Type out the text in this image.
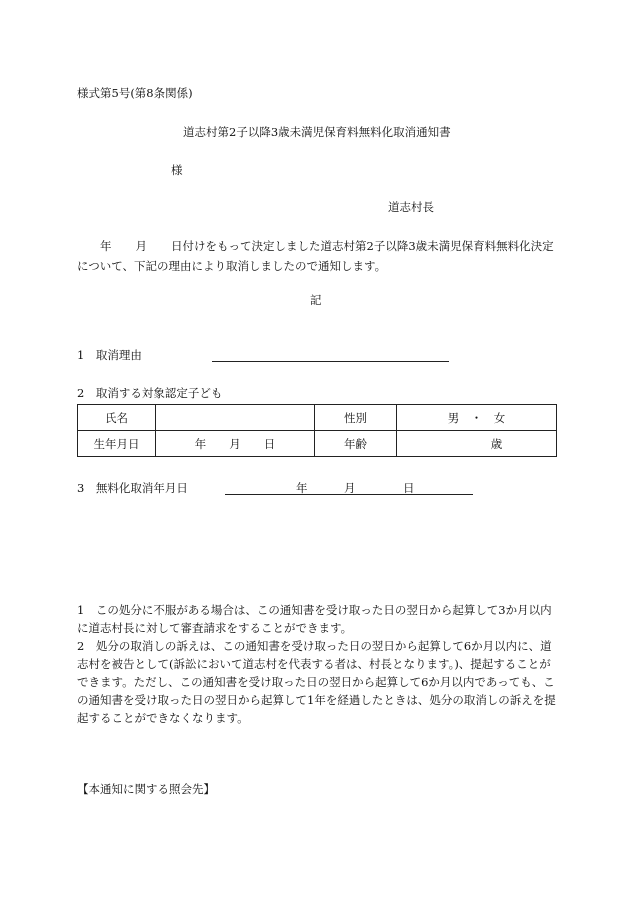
様式第5号(第8条関係)
道志村第2子以降3歳未満児保育料無料化取消通知書
様
道志村長
年 月 日付けをもって決定しました道志村第2子以降3歳未満児保育料無料化決定について、下記の理由により取消しましたので通知します。
記
1　取消理由
2　取消する対象認定子ども
氏名		性別	男　・　女
生年月日	年　　月　　日	年齢	歳
3　無料化取消年月日	年	月	日

1　この処分に不服がある場合は、この通知書を受け取った日の翌日から起算して3か月以内に道志村長に対して審査請求をすることができます。

2　処分の取消しの訴えは、この通知書を受け取った日の翌日から起算して6か月以内に、道志村を被告として(訴訟において道志村を代表する者は、村長となります。)、提起することができます。ただし、この通知書を受け取った日の翌日から起算して6か月以内であっても、この通知書を受け取った日の翌日から起算して1年を経過したときは、処分の取消しの訴えを提起することができなくなります。

【本通知に関する照会先】
